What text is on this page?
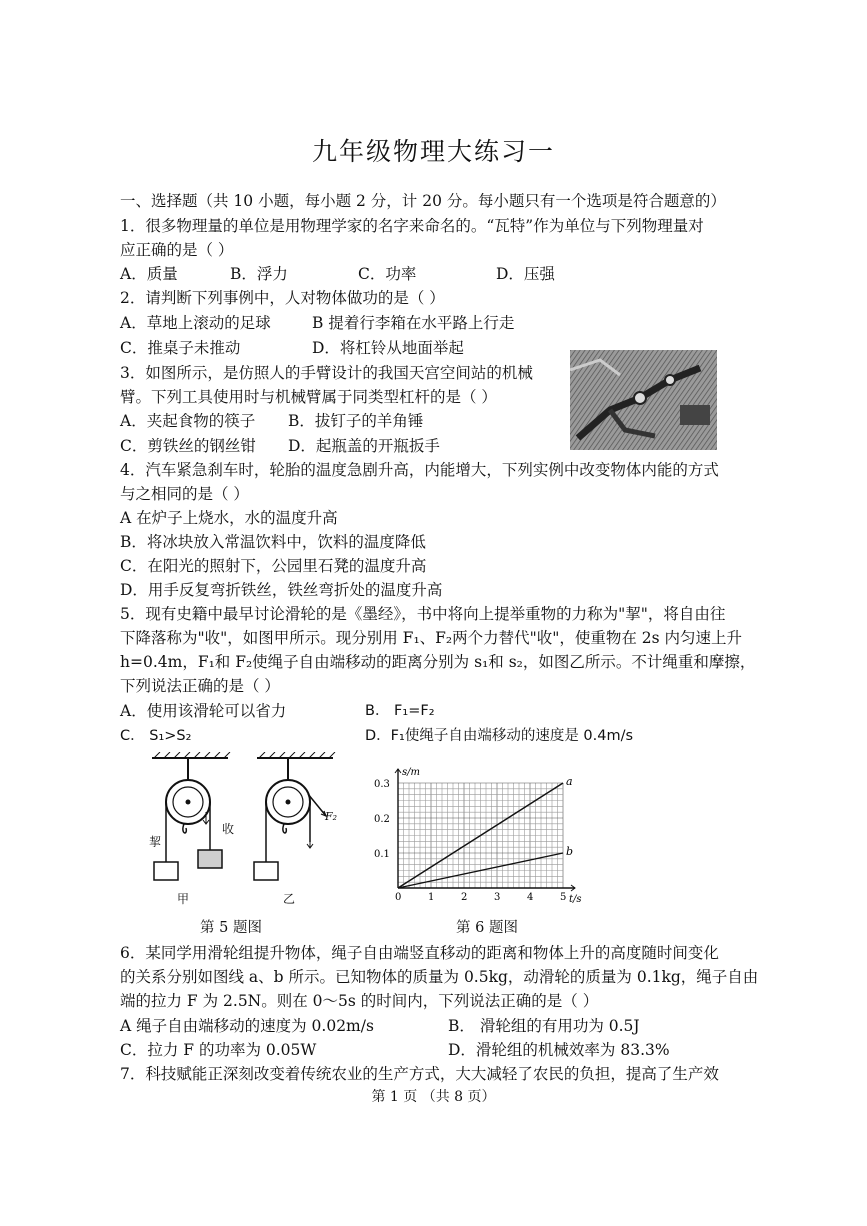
九年级物理大练习一
一、选择题（共 10 小题，每小题 2 分，计 20 分。每小题只有一个选项是符合题意的）
1．很多物理量的单位是用物理学家的名字来命名的。“瓦特”作为单位与下列物理量对
应正确的是（ ）
A．质量	B．浮力	C．功率	D．压强
2．请判断下列事例中，人对物体做功的是（ ）
A．草地上滚动的足球	B 提着行李箱在水平路上行走
C．推桌子未推动	D．将杠铃从地面举起
3．如图所示，是仿照人的手臂设计的我国天宫空间站的机械
臂。下列工具使用时与机械臂属于同类型杠杆的是（ ）
A．夹起食物的筷子 B．拔钉子的羊角锤
C．剪铁丝的钢丝钳 D．起瓶盖的开瓶扳手
4．汽车紧急刹车时，轮胎的温度急剧升高，内能增大，下列实例中改变物体内能的方式
与之相同的是（ ）
A 在炉子上烧水，水的温度升高
B．将冰块放入常温饮料中，饮料的温度降低
C．在阳光的照射下，公园里石凳的温度升高
D．用手反复弯折铁丝，铁丝弯折处的温度升高
5．现有史籍中最早讨论滑轮的是《墨经》，书中将向上提举重物的力称为"挈"，将自由往
下降落称为"收"，如图甲所示。现分别用 F₁、F₂两个力替代"收"，使重物在 2s 内匀速上升
h=0.4m，F₁和 F₂使绳子自由端移动的距离分别为 s₁和 s₂，如图乙所示。不计绳重和摩擦，
下列说法正确的是（ ）
A．使用该滑轮可以省力	B． F₁=F₂
C． S₁>S₂	D．F₁使绳子自由端移动的速度是 0.4m/s
挈
收
甲	乙
F₂
第 5 题图
t/s
s/m
0	1	2	3	4	5
0.1
0.2
0.3	a
b
第 6 题图
6．某同学用滑轮组提升物体，绳子自由端竖直移动的距离和物体上升的高度随时间变化
的关系分别如图线 a、b 所示。已知物体的质量为 0.5kg，动滑轮的质量为 0.1kg，绳子自由
端的拉力 F 为 2.5N。则在 0～5s 的时间内，下列说法正确的是（ ）
A 绳子自由端移动的速度为 0.02m/s	B． 滑轮组的有用功为 0.5J
C．拉力 F 的功率为 0.05W	D．滑轮组的机械效率为 83.3%
7．科技赋能正深刻改变着传统农业的生产方式，大大减轻了农民的负担，提高了生产效
第 1 页 （共 8 页）
